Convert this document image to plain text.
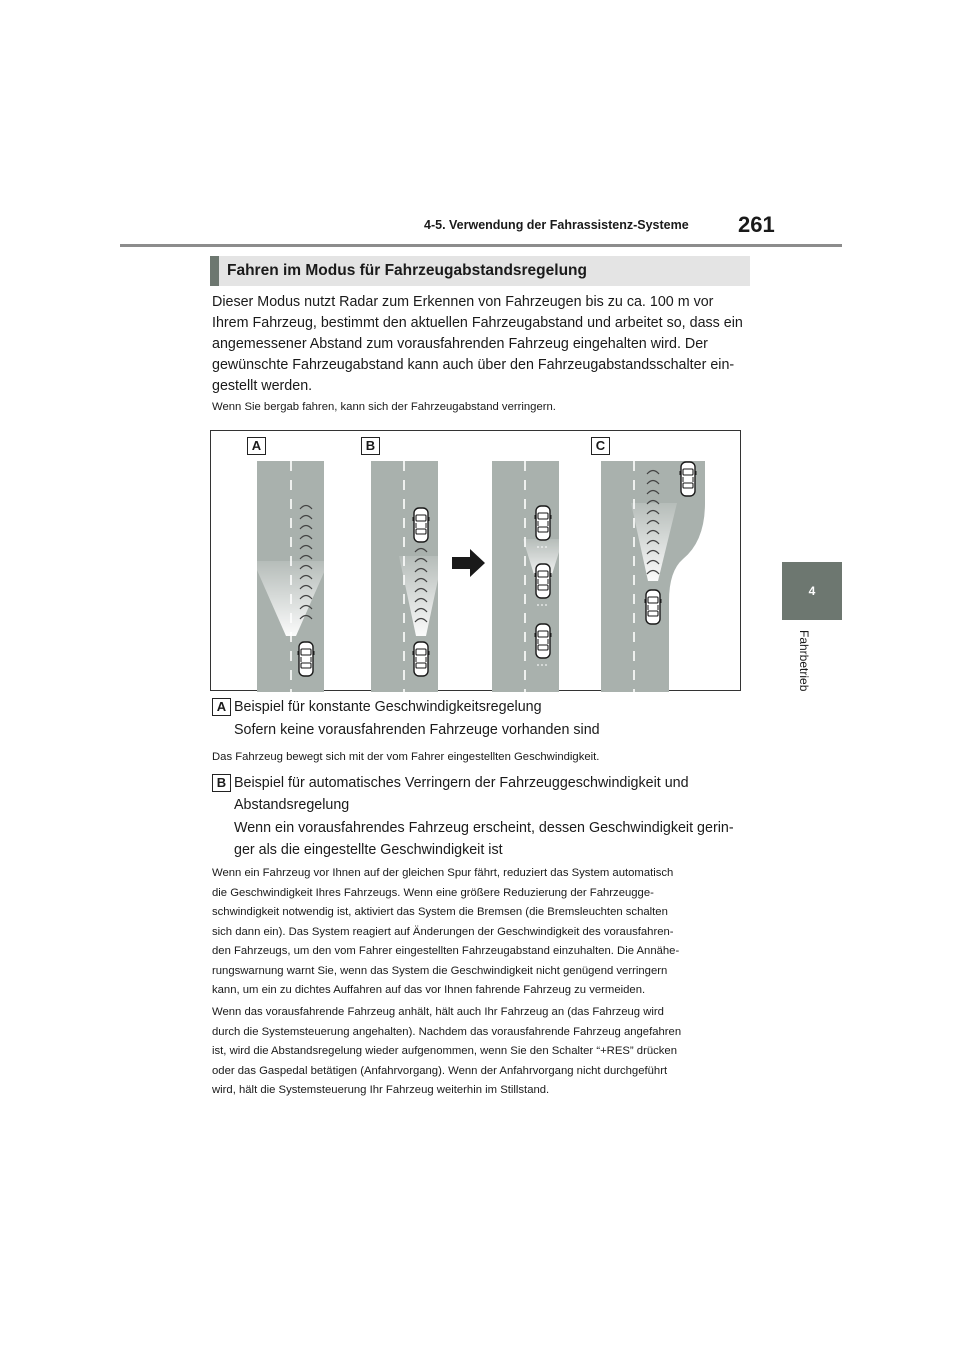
4-5. Verwendung der Fahrassistenz-Systeme 261
4
Fahrbetrieb
Fahren im Modus für Fahrzeugabstandsregelung
Dieser Modus nutzt Radar zum Erkennen von Fahrzeugen bis zu ca. 100 m vor
Ihrem Fahrzeug, bestimmt den aktuellen Fahrzeugabstand und arbeitet so, dass ein
angemessener Abstand zum vorausfahrenden Fahrzeug eingehalten wird. Der
gewünschte Fahrzeugabstand kann auch über den Fahrzeugabstandsschalter ein-
gestellt werden.
Wenn Sie bergab fahren, kann sich der Fahrzeugabstand verringern.
A	B	C
A Beispiel für konstante Geschwindigkeitsregelung
Sofern keine vorausfahrenden Fahrzeuge vorhanden sind
Das Fahrzeug bewegt sich mit der vom Fahrer eingestellten Geschwindigkeit.
B Beispiel für automatisches Verringern der Fahrzeuggeschwindigkeit und
Abstandsregelung
Wenn ein vorausfahrendes Fahrzeug erscheint, dessen Geschwindigkeit gerin-
ger als die eingestellte Geschwindigkeit ist
Wenn ein Fahrzeug vor Ihnen auf der gleichen Spur fährt, reduziert das System automatisch
die Geschwindigkeit Ihres Fahrzeugs. Wenn eine größere Reduzierung der Fahrzeugge-
schwindigkeit notwendig ist, aktiviert das System die Bremsen (die Bremsleuchten schalten
sich dann ein). Das System reagiert auf Änderungen der Geschwindigkeit des vorausfahren-
den Fahrzeugs, um den vom Fahrer eingestellten Fahrzeugabstand einzuhalten. Die Annähe-
rungswarnung warnt Sie, wenn das System die Geschwindigkeit nicht genügend verringern
kann, um ein zu dichtes Auffahren auf das vor Ihnen fahrende Fahrzeug zu vermeiden.
Wenn das vorausfahrende Fahrzeug anhält, hält auch Ihr Fahrzeug an (das Fahrzeug wird
durch die Systemsteuerung angehalten). Nachdem das vorausfahrende Fahrzeug angefahren
ist, wird die Abstandsregelung wieder aufgenommen, wenn Sie den Schalter “+RES” drücken
oder das Gaspedal betätigen (Anfahrvorgang). Wenn der Anfahrvorgang nicht durchgeführt
wird, hält die Systemsteuerung Ihr Fahrzeug weiterhin im Stillstand.
